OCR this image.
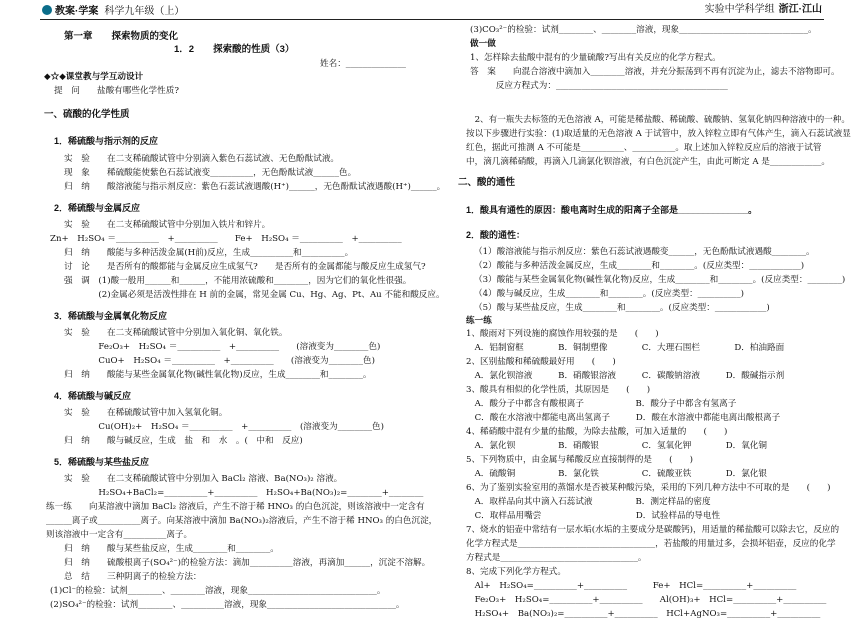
教案·学案 科学九年级（上）	实验中学科学组 浙江·江山
第一章　　探索物质的变化
1．2　　探索酸的性质（3）
姓名：______________
◆☆◆课堂教与学互动设计
提　问　　盐酸有哪些化学性质?
一、硫酸的化学性质
1．稀硫酸与指示剂的反应
实　验　　在二支稀硫酸试管中分别滴入紫色石蕊试液、无色酚酞试液。
现　象　　稀硫酸能使紫色石蕊试液变__________，无色酚酞试液______色。
归　纳　　酸溶液能与指示剂反应：紫色石蕊试液遇酸(H⁺)______，无色酚酞试液遇酸(H⁺)______。
2．稀硫酸与金属反应
实　验　　在二支稀硫酸试管中分别加入铁片和锌片。
Zn+　H₂SO₄ ＝__________　+__________　　Fe+　H₂SO₄ ＝__________　+__________
归　纳　　酸能与多种活泼金属(H前)反应，生成__________和__________。
讨　论　　是否所有的酸都能与金属反应生成氢气?　　是否所有的金属都能与酸反应生成氢气?
强　调　(1)酸一般用______和______，不能用浓硫酸和________，因为它们的氧化性很强。
　　　　(2)金属必须是活泼性排在 H 前的金属，常见金属 Cu、Hg、Ag、Pt、Au 不能和酸反应。
3．稀硫酸与金属氧化物反应
实　验　　在二支稀硫酸试管中分别加入氧化铜、氧化铁。
　　　　Fe₂O₃+　H₂SO₄ ＝__________　+__________　　(溶液变为________色)
　　　　CuO+　H₂SO₄ ＝__________　+__________　　(溶液变为________色)
归　纳　　酸能与某些金属氧化物(碱性氧化物)反应，生成________和________。
4．稀硫酸与碱反应
实　验　　在稀硫酸试管中加入氢氧化铜。
　　　　Cu(OH)₂+　H₂SO₄ ＝__________　+__________　(溶液变为________色)
归　纳　　酸与碱反应，生成　盐　和　水　。(　中和　反应)
5．稀硫酸与某些盐反应
实　验　　在二支稀硫酸试管中分别加入 BaCl₂ 溶液、Ba(NO₃)₂ 溶液。
　　　　H₂SO₄+BaCl₂=__________+__________　H₂SO₄+Ba(NO₃)₂=________+________
练一练　　向某溶液中滴加 BaCl₂ 溶液后，产生不溶于稀 HNO₃ 的白色沉淀，则该溶液中一定含有
______离子或__________离子。向某溶液中滴加 Ba(NO₃)₂溶液后，产生不溶于稀 HNO₃ 的白色沉淀，
则该溶液中一定含有__________离子。
归　纳　　酸与某些盐反应，生成________和________。
归　纳　　硫酸根离子(SO₄²⁻)的检验方法：滴加__________溶液，再滴加______，沉淀不溶解。
总　结　　三种阴离子的检验方法：
(1)Cl⁻的检验：试剂________、________溶液，现象______________________________。
(2)SO₄²⁻的检验：试剂________、__________溶液，现象______________________________。
(3)CO₃²⁻的检验：试剂________、________溶液，现象______________________________。
做一做
1、怎样除去盐酸中混有的少量硫酸?写出有关反应的化学方程式。
答　案　　向混合溶液中滴加入________溶液，并充分振荡到不再有沉淀为止，滤去不溶物即可。
　　　反应方程式为：________________________________________
　2、有一瓶失去标签的无色溶液 A，可能是稀盐酸、稀硫酸、硫酸钠、氢氧化钠四种溶液中的一种。
按以下步骤进行实验：(1)取适量的无色溶液 A 于试管中，放入锌粒立即有气体产生，滴入石蕊试液显
红色，据此可推测 A 不可能是__________、__________。取上述加入锌粒反应后的溶液于试管
中，滴几滴稀硝酸，再滴入几滴氯化钡溶液，有白色沉淀产生，由此可断定 A 是____________。
二、酸的通性
1．酸具有通性的原因：酸电离时生成的阳离子全部是______________。
2．酸的通性：
（1）酸溶液能与指示剂反应：紫色石蕊试液遇酸变______，无色酚酞试液遇酸________。
（2）酸能与多种活泼金属反应，生成________和________。(反应类型：____________)
（3）酸能与某些金属氧化物(碱性氧化物)反应，生成________和________。(反应类型：________)
（4）酸与碱反应，生成________和________。(反应类型：__________)
（5）酸与某些盐反应，生成________和________。(反应类型：____________)
练一练
1、酸雨对下列设施的腐蚀作用较强的是　　(　　)
　A．铝制窗框　　　　B．铜制塑像　　　　C．大理石围栏　　　　D．柏油路面
2、区别盐酸和稀硫酸最好用　　(　　)
　A．氯化钡溶液　　　B．硝酸银溶液　　　C．碳酸钠溶液　　　D．酸碱指示剂
3、酸具有相似的化学性质，其原因是　　(　　)
　A．酸分子中都含有酸根离子　　　　　　B．酸分子中都含有氢离子
　C．酸在水溶液中都能电离出氢离子　　　D．酸在水溶液中都能电离出酸根离子
4、稀硝酸中混有少量的盐酸，为除去盐酸，可加入适量的　　(　　)
　A．氯化钡　　　　　B．硝酸银　　　　　C．氢氧化钾　　　　D．氧化铜
5、下列物质中，由金属与稀酸反应直接制得的是　　(　　)
　A．硫酸铜　　　　　B．氯化铁　　　　　C．硫酸亚铁　　　　D．氯化银
6、为了鉴别实验室用的蒸馏水是否被某种酸污染，采用的下列几种方法中不可取的是　　(　　)
　A．取样品向其中滴入石蕊试液　　　　　B．测定样品的密度
　C．取样品用嘴尝　　　　　　　　　　　D．试验样品的导电性
7、烧水的铝壶中常结有一层水垢(水垢的主要成分是碳酸钙)，用适量的稀盐酸可以除去它，反应的
化学方程式是________________________________，若盐酸的用量过多，会损坏铝壶，反应的化学
方程式是________________________________。
8、完成下列化学方程式。
　Al+　H₂SO₄=__________+__________　　　Fe+　HCl=__________+__________
　Fe₂O₃+　H₂SO₄=__________+__________　　Al(OH)₃+　HCl=__________+__________
　H₂SO₄+　Ba(NO₃)₂=__________+__________　HCl+AgNO₃=__________+__________
